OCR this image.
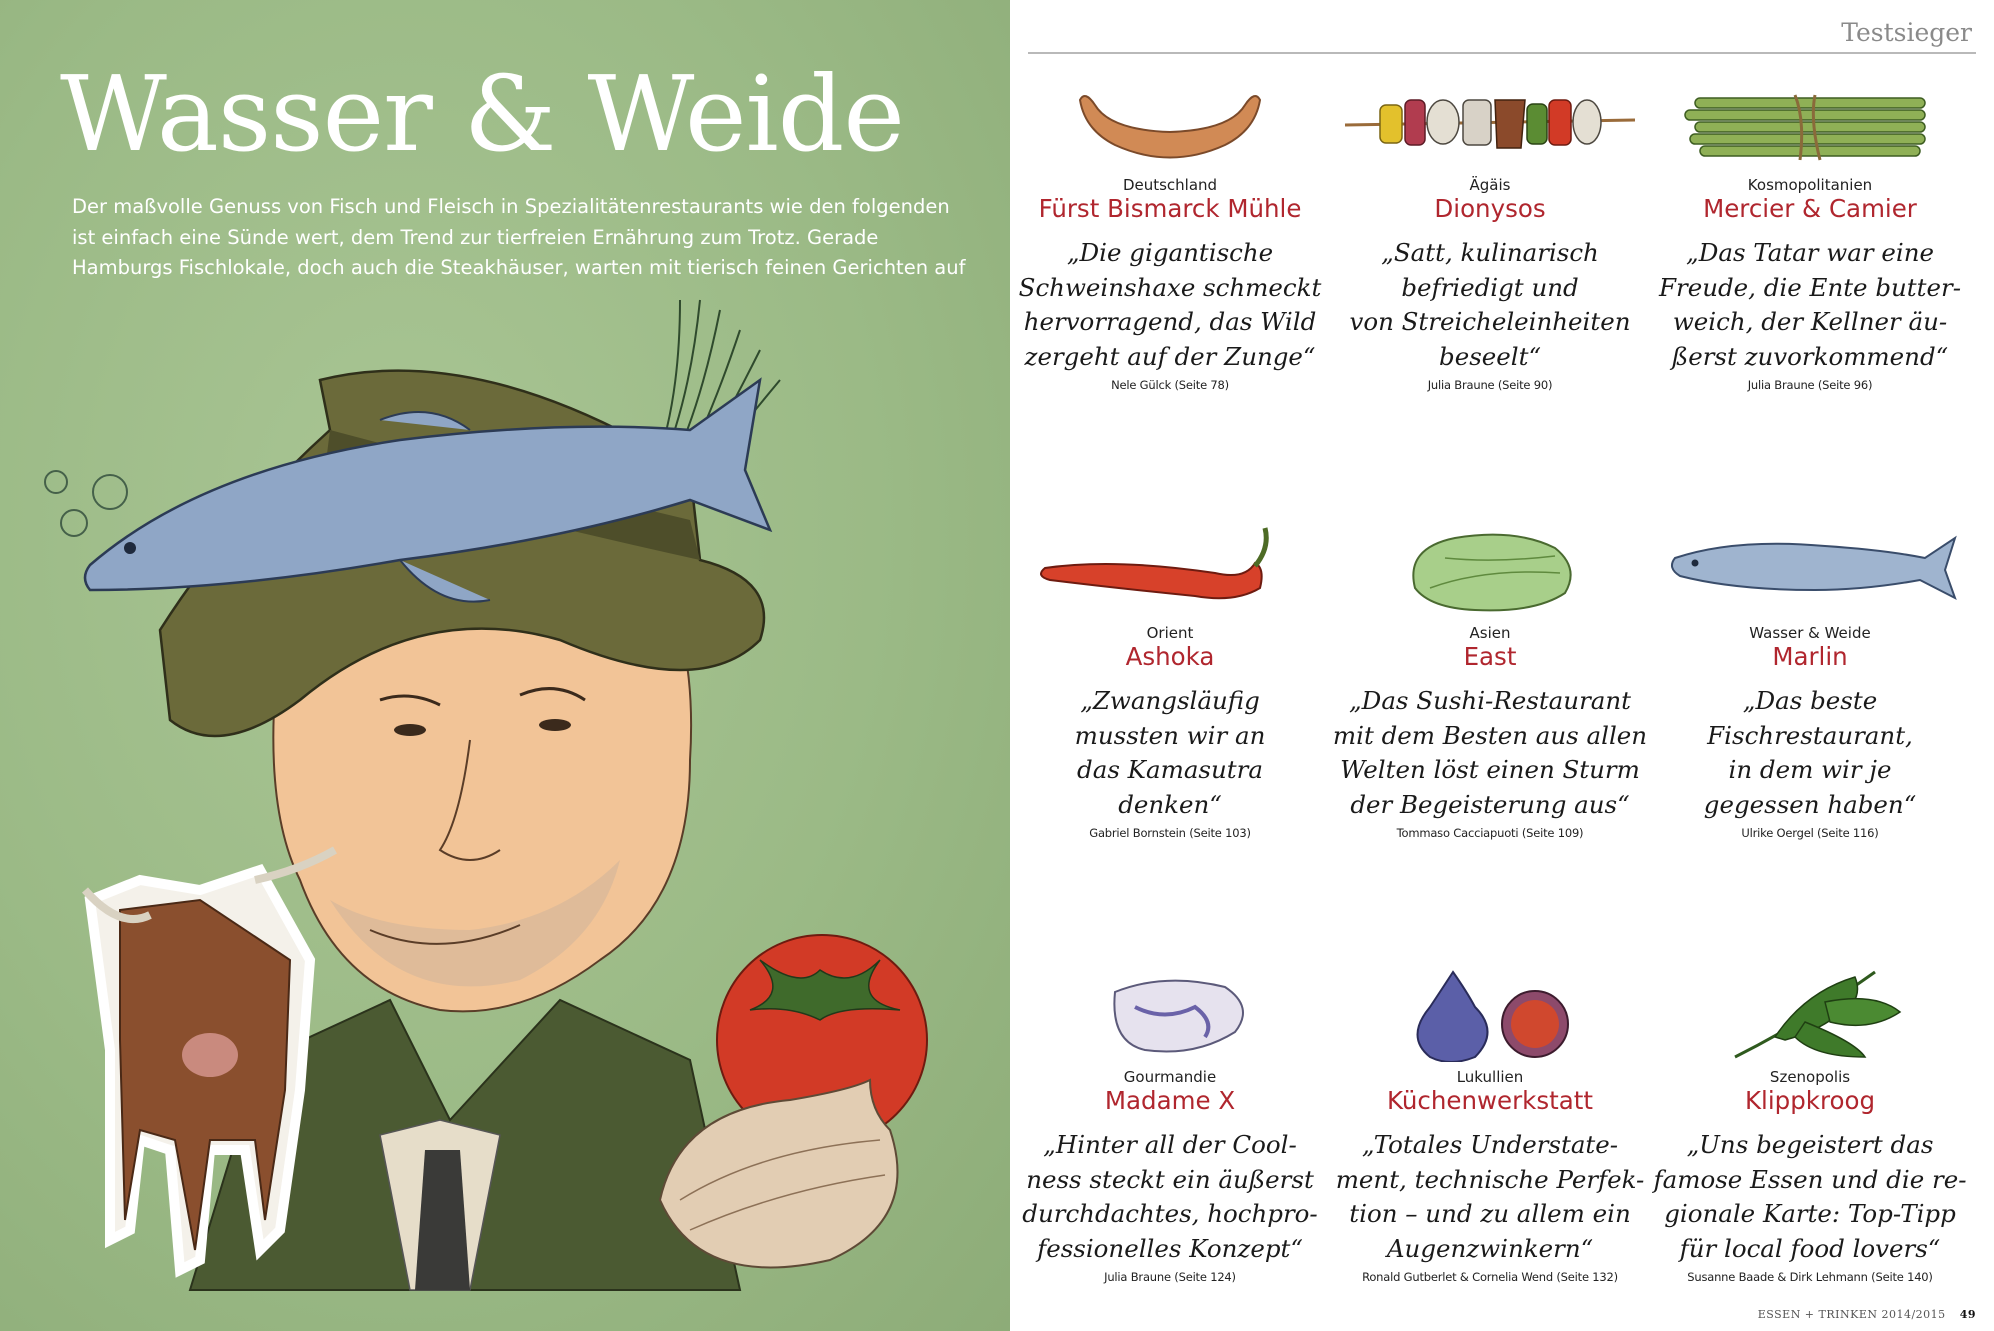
Wasser & Weide
Der maßvolle Genuss von Fisch und Fleisch in Spezialitätenrestaurants wie den folgenden
ist einfach eine Sünde wert, dem Trend zur tierfreien Ernährung zum Trotz. Gerade
Hamburgs Fischlokale, doch auch die Steakhäuser, warten mit tierisch feinen Gerichten auf
Testsieger
Deutschland
Fürst Bismarck Mühle
„Die gigantische
Schweinshaxe schmeckt
hervorragend, das Wild
zergeht auf der Zunge“
Nele Gülck (Seite 78)
Ägäis
Dionysos
„Satt, kulinarisch
befriedigt und
von Streicheleinheiten
beseelt“
Julia Braune (Seite 90)
Kosmopolitanien
Mercier & Camier
„Das Tatar war eine
Freude, die Ente butter-
weich, der Kellner äu-
ßerst zuvorkommend“
Julia Braune (Seite 96)
Orient
Ashoka
„Zwangsläufig
mussten wir an
das Kamasutra
denken“
Gabriel Bornstein (Seite 103)
Asien
East
„Das Sushi-Restaurant
mit dem Besten aus allen
Welten löst einen Sturm
der Begeisterung aus“
Tommaso Cacciapuoti (Seite 109)
Wasser & Weide
Marlin
„Das beste
Fischrestaurant,
in dem wir je
gegessen haben“
Ulrike Oergel (Seite 116)
Gourmandie
Madame X
„Hinter all der Cool-
ness steckt ein äußerst
durchdachtes, hochpro-
fessionelles Konzept“
Julia Braune (Seite 124)
Lukullien
Küchenwerkstatt
„Totales Understate-
ment, technische Perfek-
tion – und zu allem ein
Augenzwinkern“
Ronald Gutberlet & Cornelia Wend (Seite 132)
Szenopolis
Klippkroog
„Uns begeistert das
famose Essen und die re-
gionale Karte: Top-Tipp
für local food lovers“
Susanne Baade & Dirk Lehmann (Seite 140)
ESSEN + TRINKEN 2014/2015 49
